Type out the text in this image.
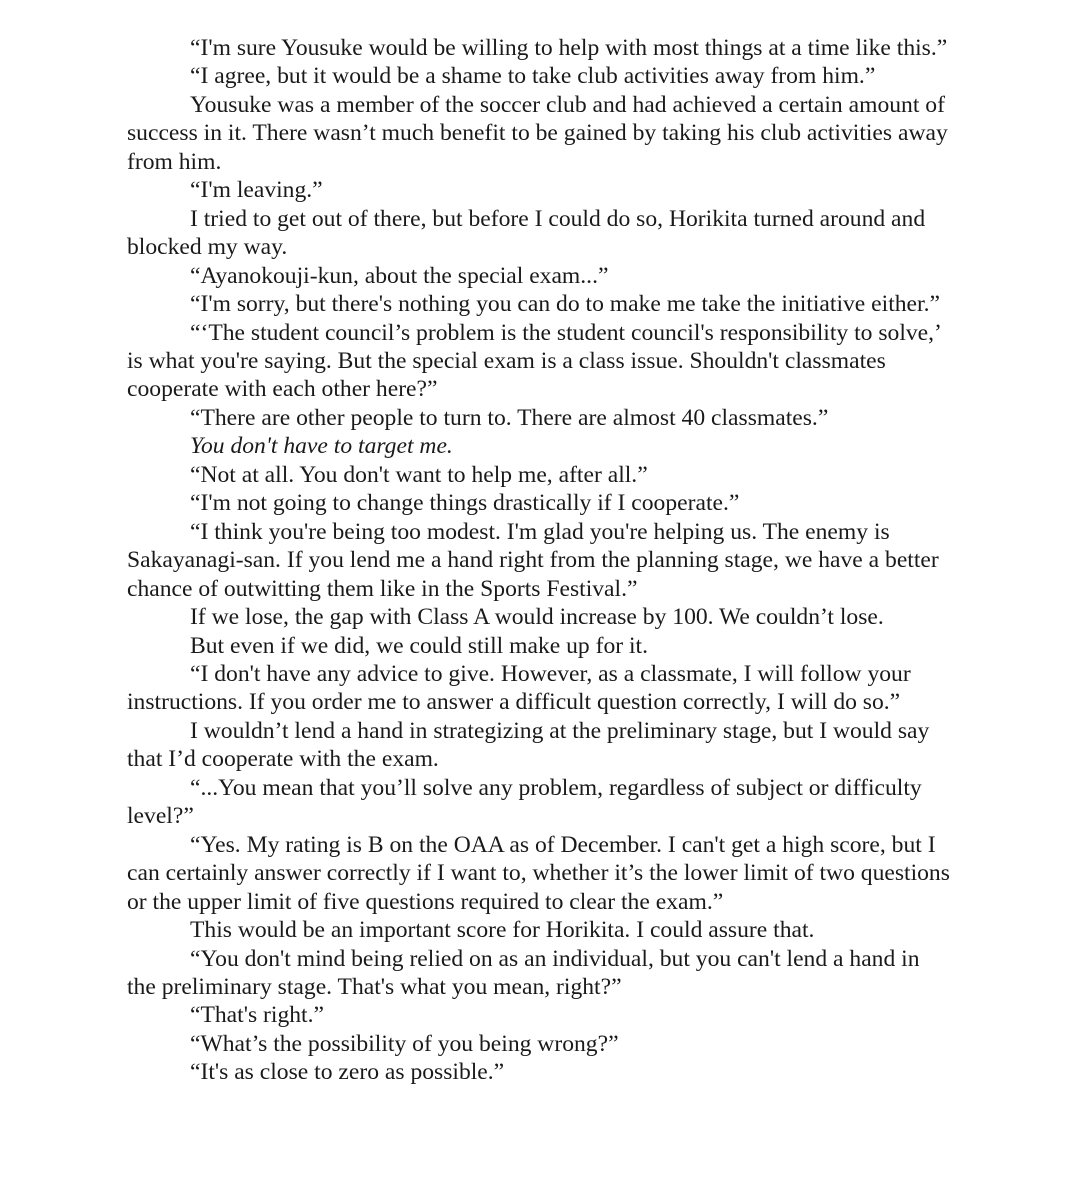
“I'm sure Yousuke would be willing to help with most things at a time like this.”

“I agree, but it would be a shame to take club activities away from him.”

Yousuke was a member of the soccer club and had achieved a certain amount of success in it. There wasn’t much benefit to be gained by taking his club activities away from him.

“I'm leaving.”

I tried to get out of there, but before I could do so, Horikita turned around and blocked my way.

“Ayanokouji-kun, about the special exam...”

“I'm sorry, but there's nothing you can do to make me take the initiative either.”

“‘The student council’s problem is the student council's responsibility to solve,’ is what you're saying. But the special exam is a class issue. Shouldn't classmates cooperate with each other here?”

“There are other people to turn to. There are almost 40 classmates.”

You don't have to target me.

“Not at all. You don't want to help me, after all.”

“I'm not going to change things drastically if I cooperate.”

“I think you're being too modest. I'm glad you're helping us. The enemy is Sakayanagi-san. If you lend me a hand right from the planning stage, we have a better chance of outwitting them like in the Sports Festival.”

If we lose, the gap with Class A would increase by 100. We couldn’t lose.

But even if we did, we could still make up for it.

“I don't have any advice to give. However, as a classmate, I will follow your instructions. If you order me to answer a difficult question correctly, I will do so.”

I wouldn’t lend a hand in strategizing at the preliminary stage, but I would say that I’d cooperate with the exam.

“...You mean that you’ll solve any problem, regardless of subject or difficulty level?”

“Yes. My rating is B on the OAA as of December. I can't get a high score, but I can certainly answer correctly if I want to, whether it’s the lower limit of two questions or the upper limit of five questions required to clear the exam.”

This would be an important score for Horikita. I could assure that.

“You don't mind being relied on as an individual, but you can't lend a hand in the preliminary stage. That's what you mean, right?”

“That's right.”

“What’s the possibility of you being wrong?”

“It's as close to zero as possible.”
